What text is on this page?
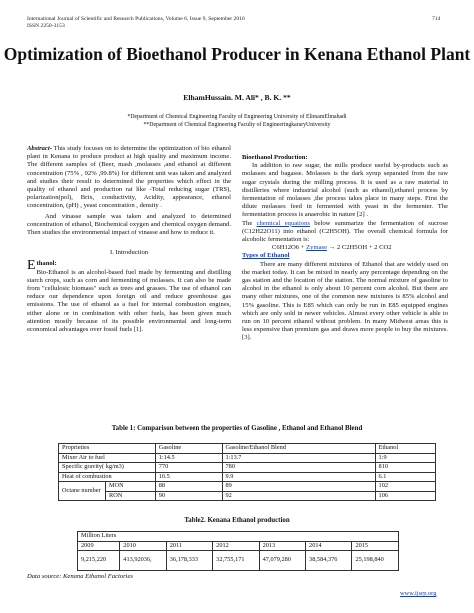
International Journal of Scientific and Research Publications, Volume 6, Issue 9, September 2016
ISSN 2250-3153
714
Optimization of Bioethanol Producer in Kenana Ethanol Plant
ElhamHussain. M. Ali* , B. K. **
*Department of Chemical Engineering Faculty of Engineering University of ElimamElmahadi
**Department of Chemical Engineering Faculty of EngineeringkararyUniversity

Abstract- This study focuses on to determine the optimization of bio ethanol plant in Kenana to produce product at high quality and maximum income. The different samples of (Beer, mash ,molasses ,and ethanol at different concentration (75% , 92% ,99.8%) for different unit was taken and analyzed and studies their result to determined the properties which effect in the quality of ethanol and production rat like -Total reducing sugar (TRS), polarization(pol), Brix, conductivity, Acidity, appearance, ethanol concentration, (pH) , yeast concentration , density .

And vinasse sample was taken and analyzed to determined concentration of ethanol, Biochemical oxygen and chemical oxygen demand. Then studies the environmental impact of vinasse and how to reduce it.

I. Introduction
Ethanol:

Bio-Ethanol is an alcohol-based fuel made by fermenting and distilling starch crops, such as corn and fermenting of molasses. It can also be made from "cellulosic biomass" such as trees and grasses. The use of ethanol can reduce our dependence upon foreign oil and reduce greenhouse gas emissions. The use of ethanol as a fuel for internal combustion engines, either alone or in combination with other fuels, has been given much attention mostly because of its possible environmental and long-term economical advantages over fossil fuels [1].

Bioethanol Production:

In addition to raw sugar, the mills produce useful by-products such as molasses and bagasse. Molasses is the dark syrup separated from the raw sugar crystals during the milling process. It is used as a raw material in distilleries where industrial alcohol (such as ethanol),ethanol process by fermentation of molasses ,the process takes place in many steps. First the dilute molasses feed in fermented with yeast in the fermenter. The fermentation process is anaerobic in nature [2] .

The chemical equations below summarize the fermentation of sucrose (C12H22O11) into ethanol (C2H5OH). The overall chemical formula for alcoholic fermentation is:

C6H12O6 + Zymase → 2 C2H5OH + 2 CO2
Types of Ethanol

There are many different mixtures of Ethanol that are widely used on the market today. It can be mixed in nearly any percentage depending on the gas station and the location of the station. The normal mixture of gasoline to alcohol in the ethanol is only about 10 percent corn alcohol. But there are many other mixtures, one of the common new mixtures is 85% alcohol and 15% gasoline. This is E85 which can only be run in E85 equipped engines which are only sold in newer vehicles. Almost every other vehicle is able to run on 10 percent ethanol without problem. In many Midwest areas this is less expensive than premium gas and draws more people to buy the mixtures.[3].

Table 1: Comparison between the properties of Gasoline , Ethanol and Ethanol Blend
Proprieties		Gasoline	Gasoline/Ethanol Blend	Ethanol
Mixer Air to fuel		1:14.5	1:13.7	1:9
Specific gravity( kg/m3)		770	780	810
Heat of combustion		10.5	9.9	6.1
Octane number	MON	88	89	102
	RON	90	92	106
Table2. Kenana Ethanol production
Million Liters						
2009	2010	2011	2012	2013	2014	2015
9,215,220	413,92036,	36,178,333	32,755,171	47,079,280	38,584,376	25,198,840
Data source: Kenana Ethanol Factories
www.ijsrp.org
